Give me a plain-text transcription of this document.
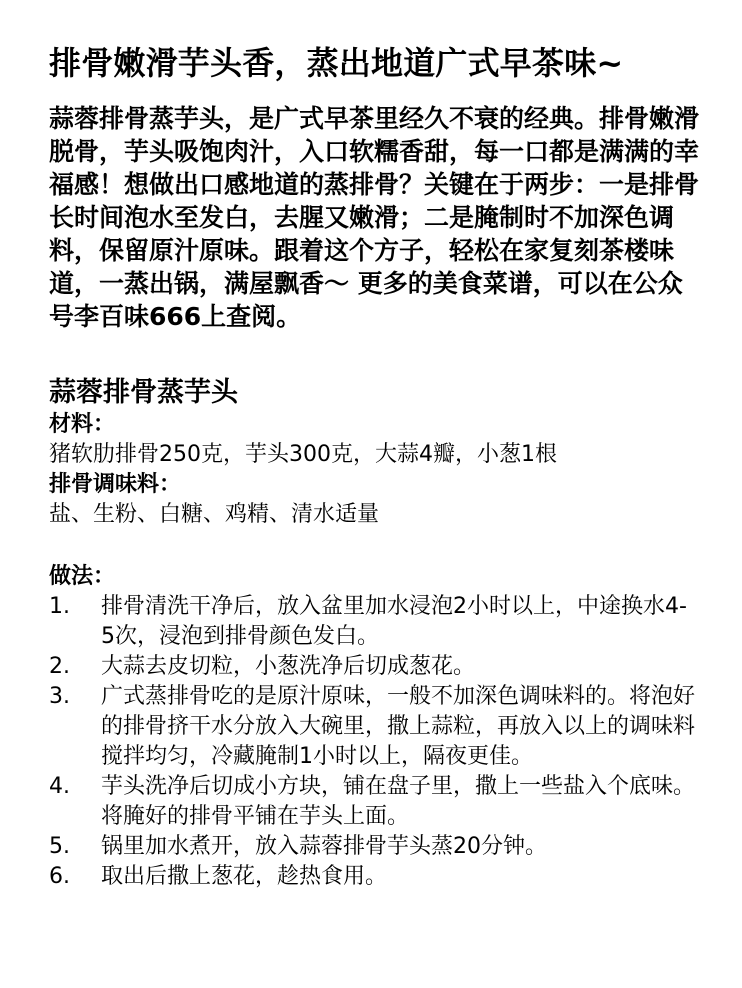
排骨嫩滑芋头香，蒸出地道广式早茶味~

蒜蓉排骨蒸芋头，是广式早茶里经久不衰的经典。排骨嫩滑脱骨，芋头吸饱肉汁，入口软糯香甜，每一口都是满满的幸福感！想做出口感地道的蒸排骨？关键在于两步：一是排骨长时间泡水至发白，去腥又嫩滑；二是腌制时不加深色调料，保留原汁原味。跟着这个方子，轻松在家复刻茶楼味道，一蒸出锅，满屋飘香～ 更多的美食菜谱，可以在公众号李百味666上查阅。

蒜蓉排骨蒸芋头

材料：

猪软肋排骨250克，芋头300克，大蒜4瓣，小葱1根

排骨调味料：

盐、生粉、白糖、鸡精、清水适量

做法：

1.	排骨清洗干净后，放入盆里加水浸泡2小时以上，中途换水4-5次，浸泡到排骨颜色发白。
2.	大蒜去皮切粒，小葱洗净后切成葱花。
3.	广式蒸排骨吃的是原汁原味，一般不加深色调味料的。将泡好的排骨挤干水分放入大碗里，撒上蒜粒，再放入以上的调味料搅拌均匀，冷藏腌制1小时以上，隔夜更佳。
4.	芋头洗净后切成小方块，铺在盘子里，撒上一些盐入个底味。将腌好的排骨平铺在芋头上面。
5.	锅里加水煮开，放入蒜蓉排骨芋头蒸20分钟。
6.	取出后撒上葱花，趁热食用。
